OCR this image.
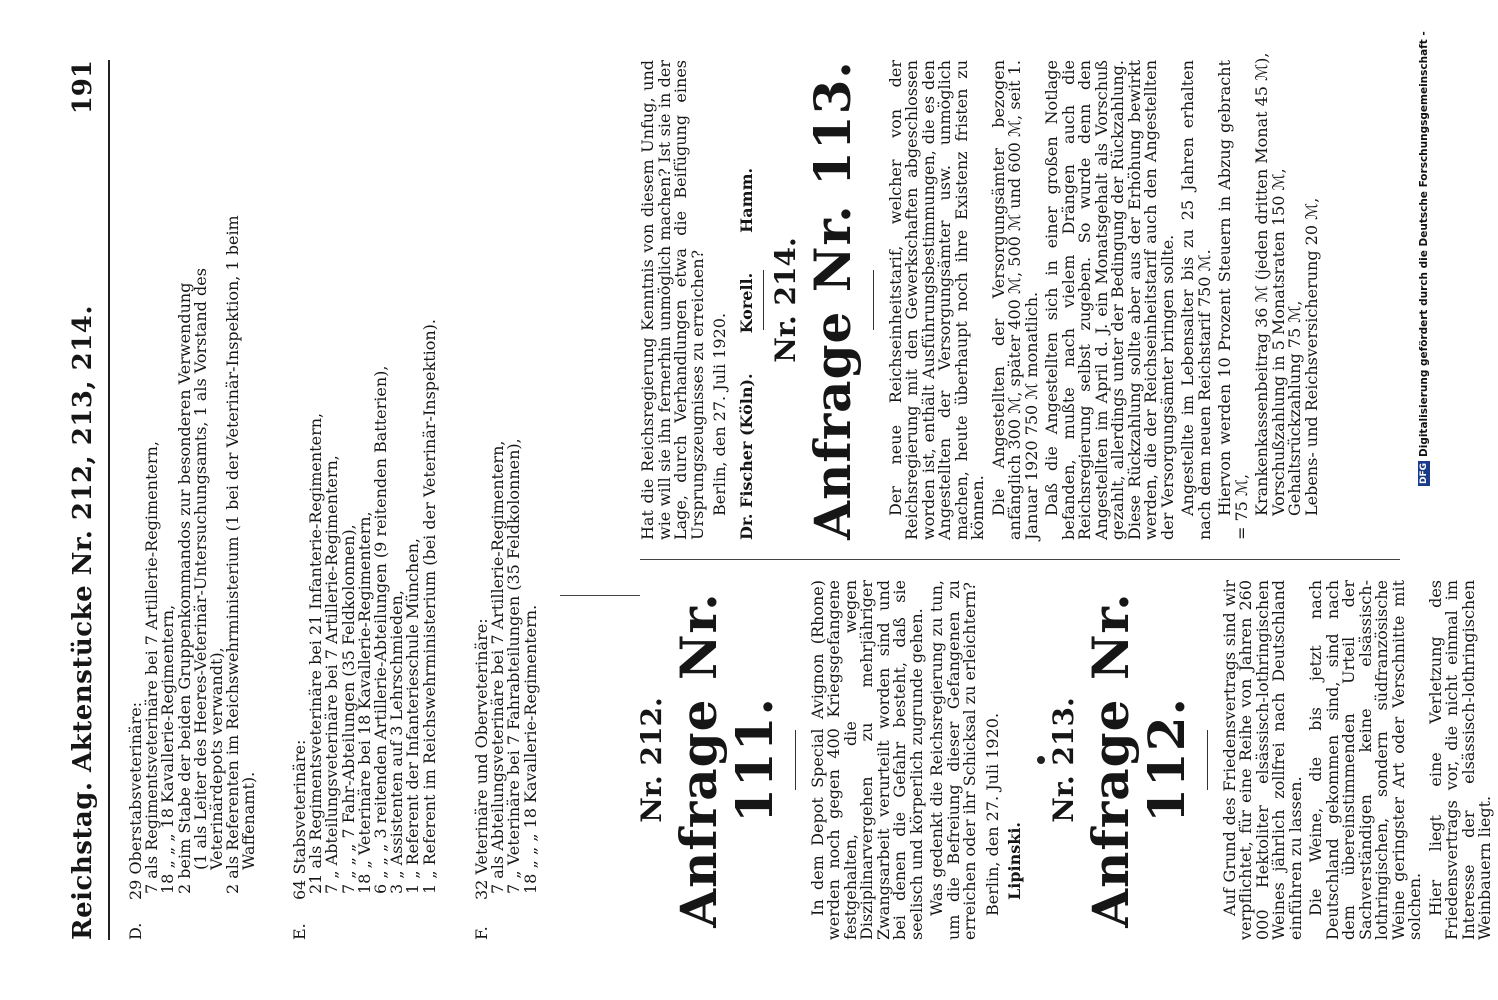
Reichstag. Aktenstücke Nr. 212, 213, 214.
191
D.29 Oberstabsveterinäre:
7 als Regimentsveterinäre bei 7 Artillerie-Regimentern,
18 „ „ „ 18 Kavallerie-Regimentern,
2 beim Stabe der beiden Gruppenkommandos zur besonderen Verwendung
(1 als Leiter des Heeres-Veterinär-Untersuchungsamts, 1 als Vorstand des
Veterinärdepots verwandt),
2 als Referenten im Reichswehrministerium (1 bei der Veterinär-Inspektion, 1 beim
Waffenamt).
E.64 Stabsveterinäre:
21 als Regimentsveterinäre bei 21 Infanterie-Regimentern,
7 „ Abteilungsveterinäre bei 7 Artillerie-Regimentern,
7 „ „ „ 7 Fahr-Abteilungen (35 Feldkolonnen),
18 „ Veterinäre bei 18 Kavallerie-Regimentern,
6 „ „ „ 3 reitenden Artillerie-Abteilungen (9 reitenden Batterien),
3 „ Assistenten auf 3 Lehrschmieden,
1 „ Referent der Infanterieschule München,
1 „ Referent im Reichswehrministerium (bei der Veterinär-Inspektion).
F.32 Veterinäre und Oberveterinäre:
7 als Abteilungsveterinäre bei 7 Artillerie-Regimentern,
7 „ Veterinäre bei 7 Fahrabteilungen (35 Feldkolonnen),
18 „ „ „ 18 Kavallerie-Regimentern.	Nr. 212. Anfrage Nr. 111. In dem Depot Special Avignon (Rhone) werden noch gegen 400 Kriegsgefangene festgehalten, die wegen Disziplinarvergehen zu mehrjähriger Zwangsarbeit verurteilt worden sind und bei denen die Gefahr besteht, daß sie seelisch und körperlich zugrunde gehen. Was gedenkt die Reichsregierung zu tun, um die Befreiung dieser Gefangenen zu erreichen oder ihr Schicksal zu erleichtern? Berlin, den 27. Juli 1920. Lipinski.
Nr. 213. Anfrage Nr. 112. Auf Grund des Friedensvertrags sind wir verpflichtet, für eine Reihe von Jahren 260 000 Hektoliter elsässisch-lothringischen Weines jährlich zollfrei nach Deutschland einführen zu lassen. Die Weine, die bis jetzt nach Deutschland gekommen sind, sind nach dem übereinstimmenden Urteil der Sachverständigen keine elsässisch-lothringischen, sondern südfranzösische Weine geringster Art oder Verschnitte mit solchen. Hier liegt eine Verletzung des Friedensvertrags vor, die nicht einmal im Interesse der elsässisch-lothringischen Weinbauern liegt.

Hat die Reichsregierung Kenntnis von diesem Unfug, und wie will sie ihn fernerhin unmöglich machen? Ist sie in der Lage, durch Verhandlungen etwa die Beifügung eines Ursprungszeugnisses zu erreichen? Berlin, den 27. Juli 1920. Dr. Fischer (Köln).
Korell.
Hamm.
Nr. 214. Anfrage Nr. 113. Der neue Reichseinheitstarif, welcher von der Reichsregierung mit den Gewerkschaften abgeschlossen worden ist, enthält Ausführungsbestimmungen, die es den Angestellten der Versorgungsämter usw. unmöglich machen, heute überhaupt noch ihre Existenz fristen zu können. Die Angestellten der Versorgungsämter bezogen anfänglich 300 ℳ, später 400 ℳ, 500 ℳ und 600 ℳ, seit 1. Januar 1920 750 ℳ monatlich. Daß die Angestellten sich in einer großen Notlage befanden, mußte nach vielem Drängen auch die Reichsregierung selbst zugeben. So wurde denn den Angestellten im April d. J. ein Monatsgehalt als Vorschuß gezahlt, allerdings unter der Bedingung der Rückzahlung. Diese Rückzahlung sollte aber aus der Erhöhung bewirkt werden, die der Reichseinheitstarif auch den Angestellten der Versorgungsämter bringen sollte. Angestellte im Lebensalter bis zu 25 Jahren erhalten nach dem neuen Reichstarif 750 ℳ. Hiervon werden 10 Prozent Steuern in Abzug gebracht = 75 ℳ, Krankenkassenbeitrag 36 ℳ (jeden dritten Monat 45 ℳ),
Vorschußzahlung in 5 Monatsraten 150 ℳ,
Gehaltsrückzahlung 75 ℳ,
Lebens- und Reichsversicherung 20 ℳ,	DFG
Digitalisierung gefördert durch die Deutsche Forschungsgemeinschaft -
